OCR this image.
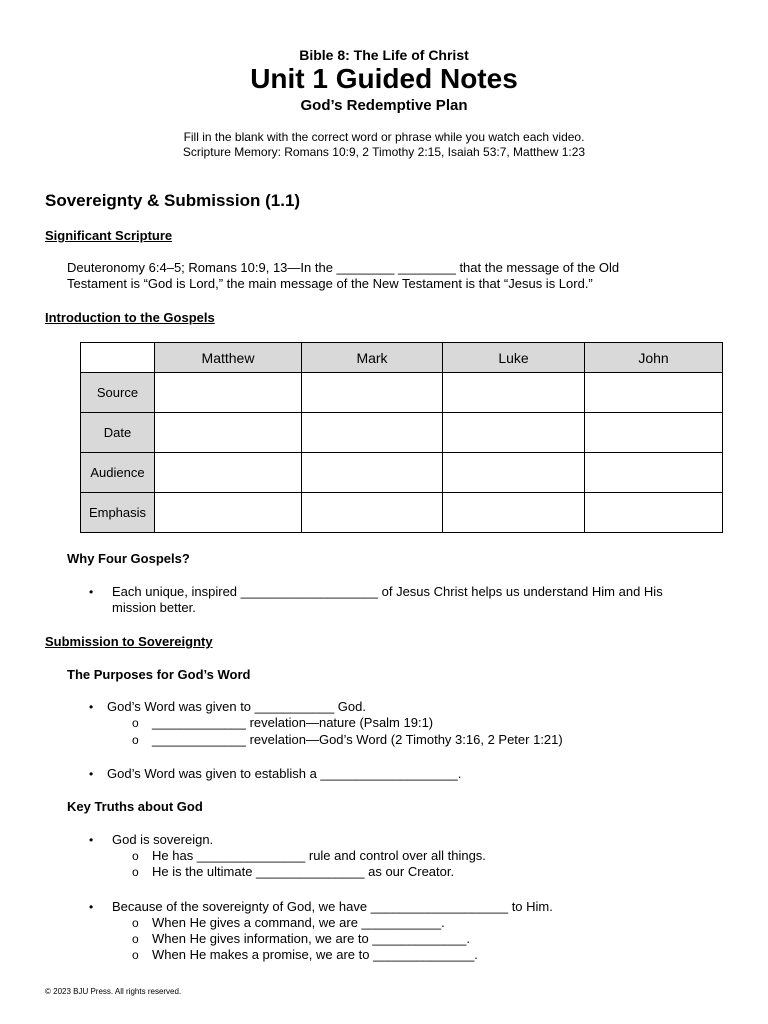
Bible 8: The Life of Christ
Unit 1 Guided Notes
God’s Redemptive Plan
Fill in the blank with the correct word or phrase while you watch each video.
Scripture Memory: Romans 10:9, 2 Timothy 2:15, Isaiah 53:7, Matthew 1:23
Sovereignty & Submission (1.1)
Significant Scripture
Deuteronomy 6:4–5; Romans 10:9, 13—In the ________ ________ that the message of the Old
Testament is “God is Lord,” the main message of the New Testament is that “Jesus is Lord.”
Introduction to the Gospels
	Matthew	Mark	Luke	John
Source				
Date				
Audience				
Emphasis				
Why Four Gospels?
• Each unique, inspired ___________________ of Jesus Christ helps us understand Him and His
mission better.
Submission to Sovereignty
The Purposes for God’s Word
• God’s Word was given to ___________ God.
o _____________ revelation—nature (Psalm 19:1)
o _____________ revelation—God’s Word (2 Timothy 3:16, 2 Peter 1:21)
• God’s Word was given to establish a ___________________.
Key Truths about God
• God is sovereign.
o He has _______________ rule and control over all things.
o He is the ultimate _______________ as our Creator.
• Because of the sovereignty of God, we have ___________________ to Him.
o When He gives a command, we are ___________.
o When He gives information, we are to _____________.
o When He makes a promise, we are to ______________.
© 2023 BJU Press. All rights reserved.
